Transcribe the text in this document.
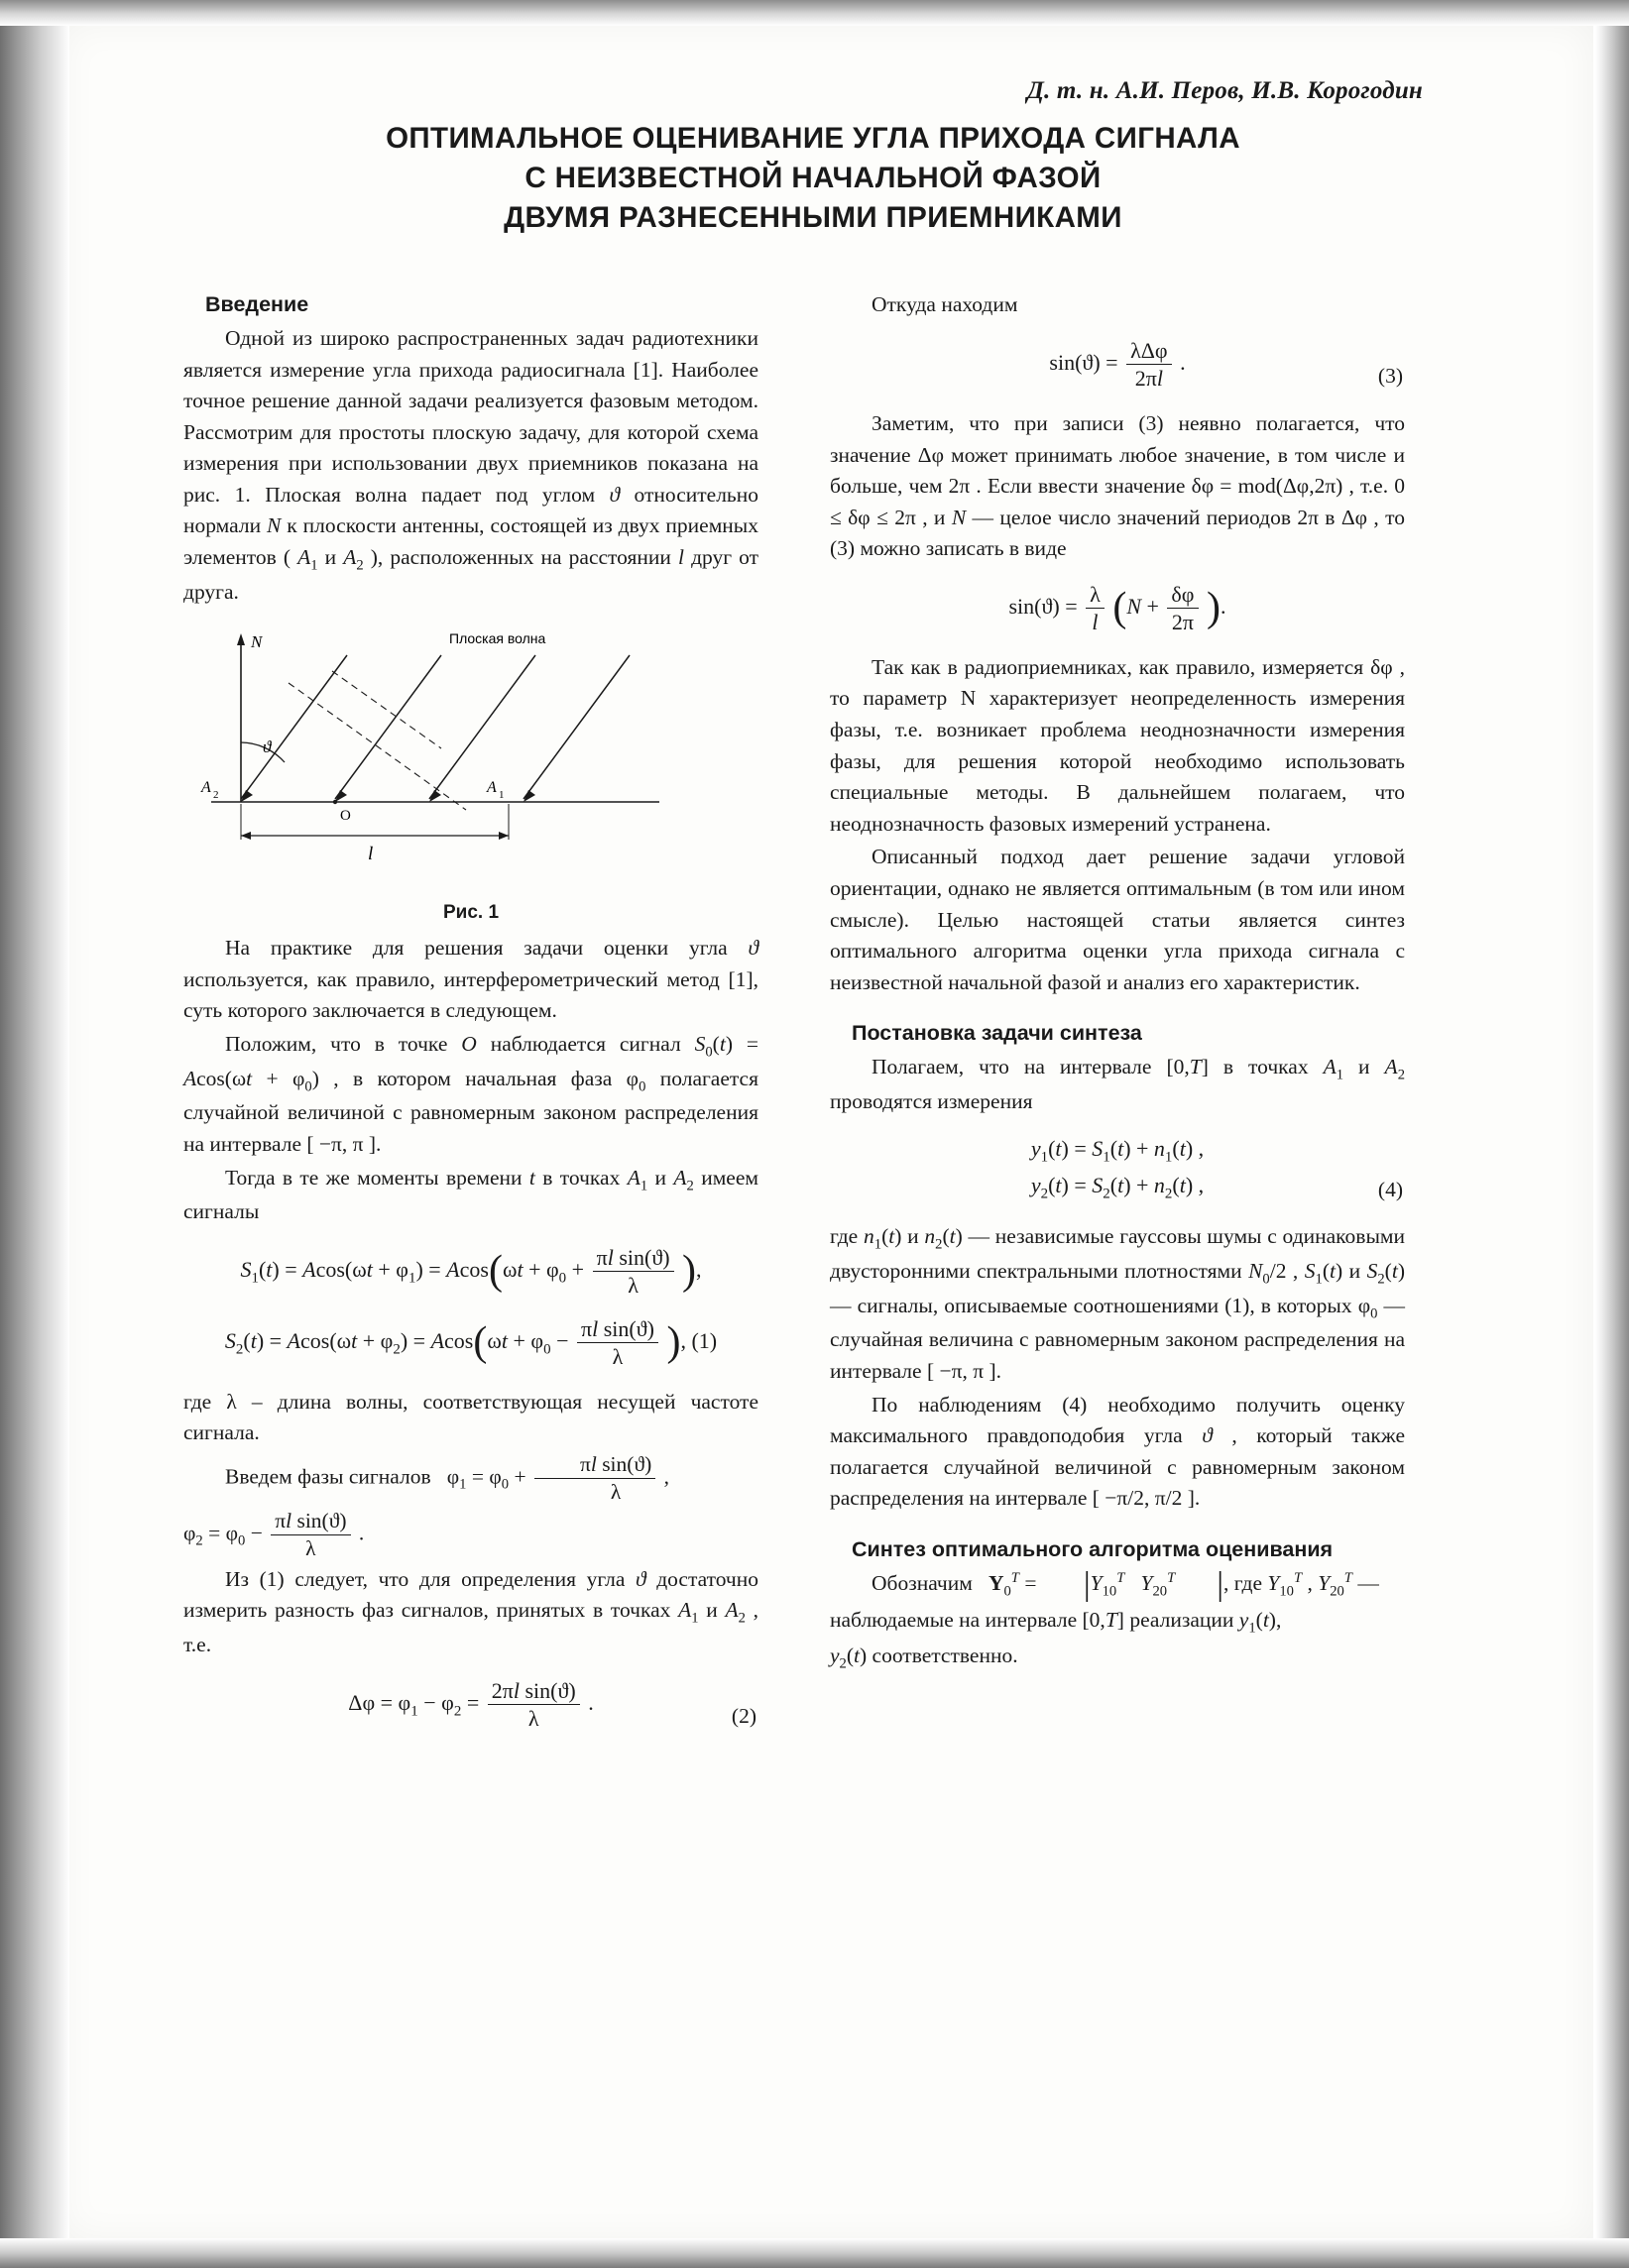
Д. т. н. А.И. Перов, И.В. Корогодин
ОПТИМАЛЬНОЕ ОЦЕНИВАНИЕ УГЛА ПРИХОДА СИГНАЛА
С НЕИЗВЕСТНОЙ НАЧАЛЬНОЙ ФАЗОЙ
ДВУМЯ РАЗНЕСЕННЫМИ ПРИЕМНИКАМИ
Введение

Одной из широко распространенных задач радиотехники является измерение угла прихода радиосигнала [1]. Наиболее точное решение данной задачи реализуется фазовым методом. Рассмотрим для простоты плоскую задачу, для которой схема измерения при использовании двух приемников показана на рис. 1. Плоская волна падает под углом ϑ относительно нормали N к плоскости антенны, состоящей из двух приемных элементов ( $A_1$ и $A_2$ ), расположенных на расстоянии l друг от друга.

N	Плоская волна
ϑ
A 2	A 1
O
l
Рис. 1

На практике для решения задачи оценки угла ϑ используется, как правило, интерферометрический метод [1], суть которого заключается в следующем.

Положим, что в точке O наблюдается сигнал $S_0(t) = Acos(\omega t + \varphi_0)$ , в котором начальная фаза $\varphi_0$ полагается случайной величиной с равномерным законом распределения на интервале [ −π, π ].

Тогда в те же моменты времени t в точках $A_1$ и $A_2$ имеем сигналы

$S_1(t) = Acos(\omega t + \varphi_1) = Acos(\omega t + \varphi_0 + \frac{\text{πl sin(ϑ)}}{\lambda}$ ),
$S_2(t) = Acos(\omega t + \varphi_2) = Acos(\omega t + \varphi_0 - \frac{\text{πl sin(ϑ)}}{\lambda}$ ), (1)

где λ – длина волны, соответствующая несущей частоте сигнала.

Введем фазы сигналов   $\varphi_1 = \varphi_0 + \frac{\text{πl sin(ϑ)}}{\lambda}$ ,

$\varphi_2 = \varphi_0 - \frac{\text{πl sin(ϑ)}}{\lambda}$ .

Из (1) следует, что для определения угла ϑ достаточно измерить разность фаз сигналов, принятых в точках $A_1$ и $A_2$ , т.е.

$\Delta\varphi = \varphi_1 - \varphi_2 = \frac{\text{2πl sin(ϑ)}}{\lambda}$ .
(2)

Откуда находим

$\sin(ϑ) = \frac{\text{λΔφ}}{2\pi l}$ .
(3)

Заметим, что при записи (3) неявно полагается, что значение Δφ может принимать любое значение, в том числе и больше, чем 2π . Если ввести значение δφ = mod(Δφ,2π) , т.е. 0 ≤ δφ ≤ 2π , и N — целое число значений периодов 2π в Δφ , то (3) можно записать в виде

$\sin(ϑ) = \frac{\lambda}{l} (N + \frac{\delta\varphi}{2\pi}$ ).

Так как в радиоприемниках, как правило, измеряется δφ , то параметр N характеризует неопределенность измерения фазы, т.е. возникает проблема неоднозначности измерения фазы, для решения которой необходимо использовать специальные методы. В дальнейшем полагаем, что неоднозначность фазовых измерений устранена.

Описанный подход дает решение задачи угловой ориентации, однако не является оптимальным (в том или ином смысле). Целью настоящей статьи является синтез оптимального алгоритма оценки угла прихода сигнала с неизвестной начальной фазой и анализ его характеристик.

Постановка задачи синтеза

Полагаем, что на интервале [0,T] в точках $A_1$ и $A_2$ проводятся измерения

$y_1(t) = S_1(t) + n_1(t)$ ,
$y_2(t) = S_2(t) + n_2(t)$ ,	(4)

где $n_1(t)$ и $n_2(t)$ — независимые гауссовы шумы с одинаковыми двусторонними спектральными плотностями $N_0/2$ , $S_1(t)$ и $S_2(t)$ — сигналы, описываемые соотношениями (1), в которых $\varphi_0$ — случайная величина с равномерным законом распределения на интервале [ −π, π ].

По наблюдениям (4) необходимо получить оценку максимального правдоподобия угла ϑ , который также полагается случайной величиной с равномерным законом распределения на интервале [ −π/2, π/2 ].

Синтез оптимального алгоритма оценивания

Обозначим   $Y_0^T = |Y_{10}^T$ $Y_{20}^T$ |, где $Y_{10}^T$ , $Y_{20}^T$ —

наблюдаемые на интервале [0,T] реализации $y_1(t)$,

$y_2(t)$ соответственно.
